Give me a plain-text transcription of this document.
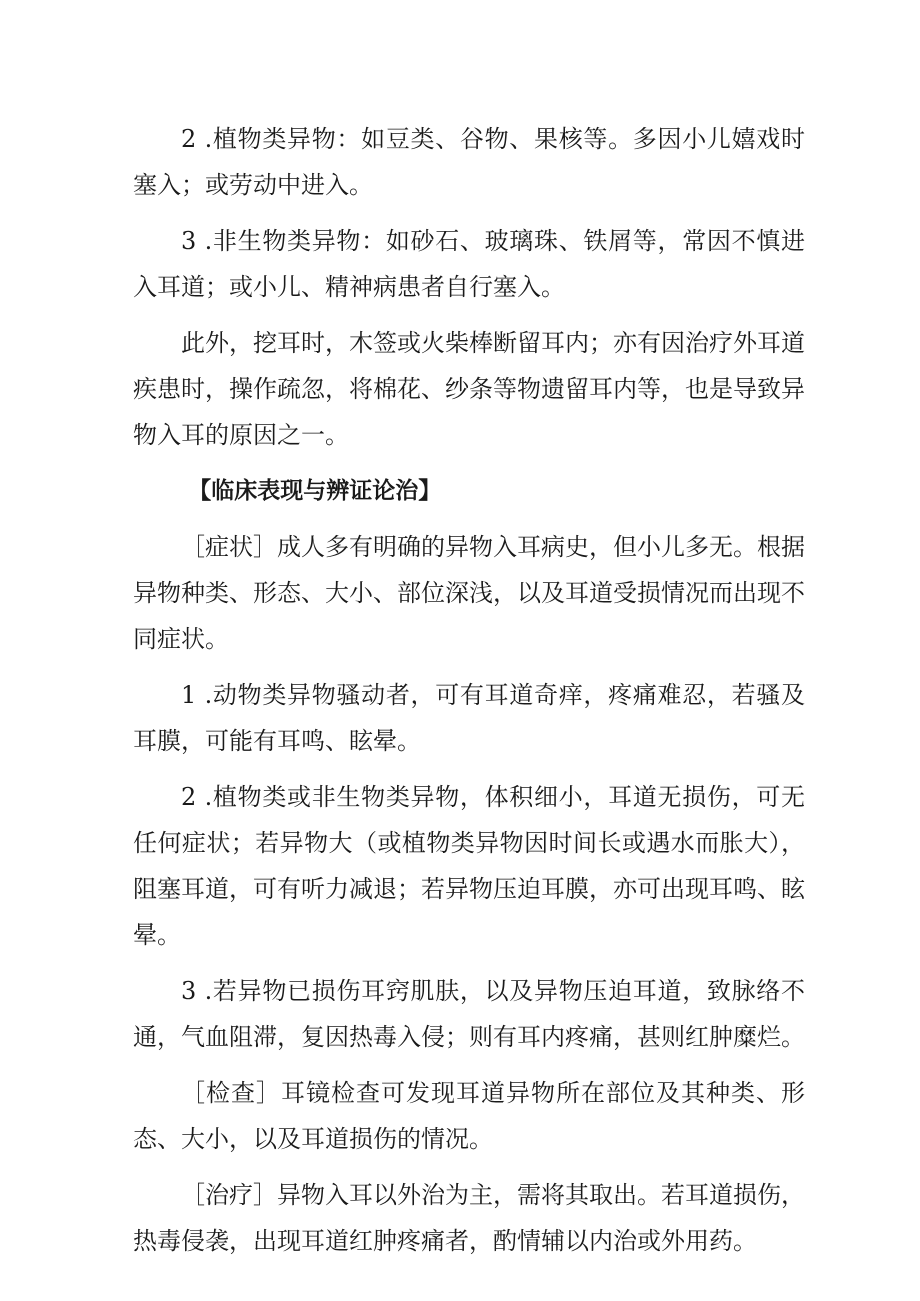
2 .植物类异物：如豆类、谷物、果核等。多因小儿嬉戏时塞入；或劳动中进入。

3 .非生物类异物：如砂石、玻璃珠、铁屑等，常因不慎进入耳道；或小儿、精神病患者自行塞入。

此外，挖耳时，木签或火柴棒断留耳内；亦有因治疗外耳道疾患时，操作疏忽，将棉花、纱条等物遗留耳内等，也是导致异物入耳的原因之一。

【临床表现与辨证论治】

［症状］成人多有明确的异物入耳病史，但小儿多无。根据异物种类、形态、大小、部位深浅，以及耳道受损情况而出现不同症状。

1 .动物类异物骚动者，可有耳道奇痒，疼痛难忍，若骚及耳膜，可能有耳鸣、眩晕。

2 .植物类或非生物类异物，体积细小，耳道无损伤，可无任何症状；若异物大（或植物类异物因时间长或遇水而胀大），阻塞耳道，可有听力减退；若异物压迫耳膜，亦可出现耳鸣、眩晕。

3 .若异物已损伤耳窍肌肤，以及异物压迫耳道，致脉络不通，气血阻滞，复因热毒入侵；则有耳内疼痛，甚则红肿糜烂。

［检查］耳镜检查可发现耳道异物所在部位及其种类、形态、大小，以及耳道损伤的情况。

［治疗］异物入耳以外治为主，需将其取出。若耳道损伤，热毒侵袭，出现耳道红肿疼痛者，酌情辅以内治或外用药。
